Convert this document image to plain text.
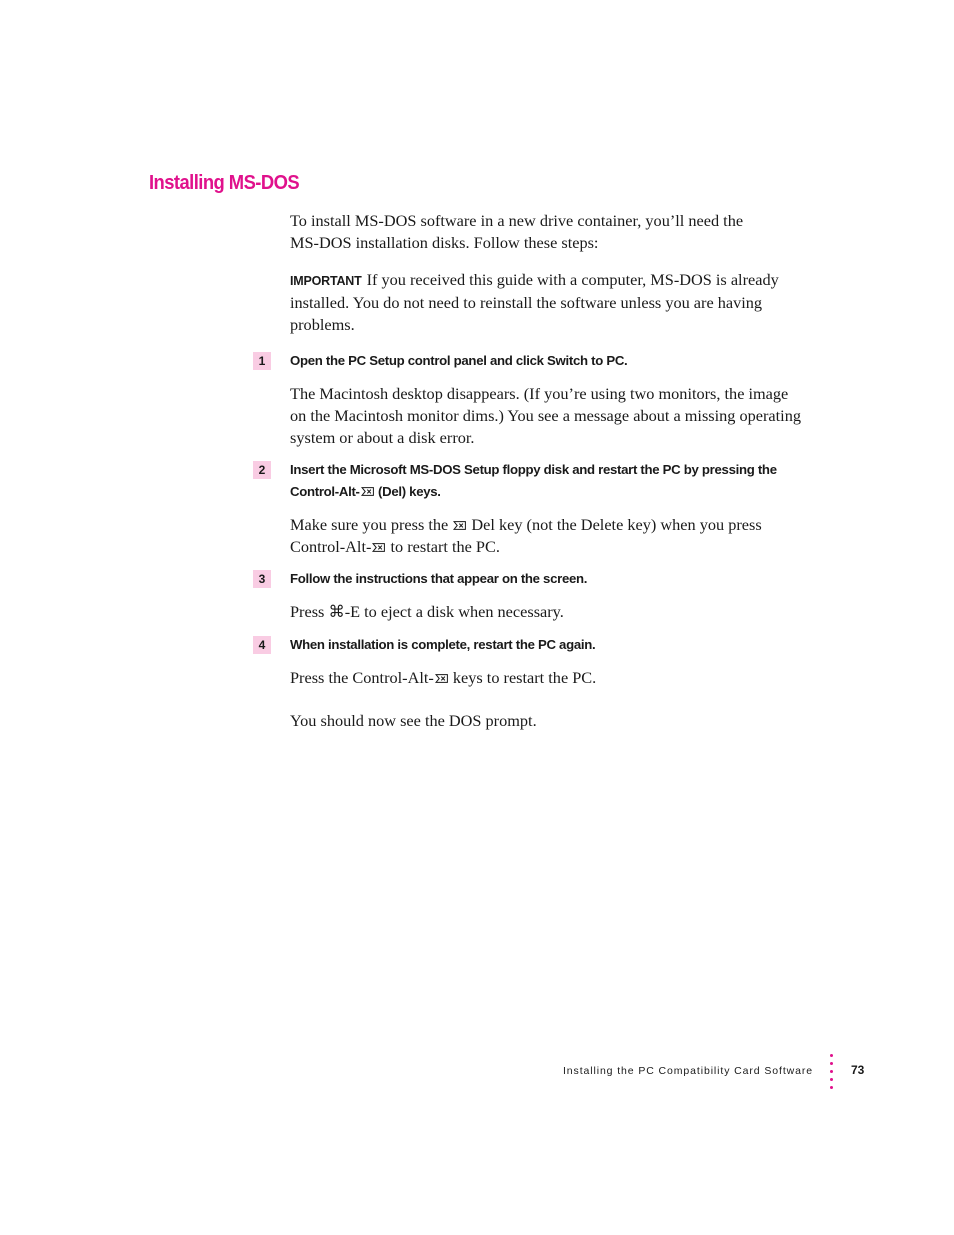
Installing MS-DOS

To install MS-DOS software in a new drive container, you’ll need the
MS-DOS installation disks. Follow these steps:

IMPORTANT If you received this guide with a computer, MS-DOS is already
installed. You do not need to reinstall the software unless you are having
problems.

1	Open the PC Setup control panel and click Switch to PC.

The Macintosh desktop disappears. (If you’re using two monitors, the image
on the Macintosh monitor dims.) You see a message about a missing operating
system or about a disk error.

2	Insert the Microsoft MS-DOS Setup floppy disk and restart the PC by pressing the
Control-Alt-
(Del) keys.

Make sure you press the
Del key (not the Delete key) when you press
Control-Alt-
to restart the PC.

3	Follow the instructions that appear on the screen.

Press ⌘-E to eject a disk when necessary.

4	When installation is complete, restart the PC again.

Press the Control-Alt-
keys to restart the PC.

You should now see the DOS prompt.

Installing the PC Compatibility Card Software	73
